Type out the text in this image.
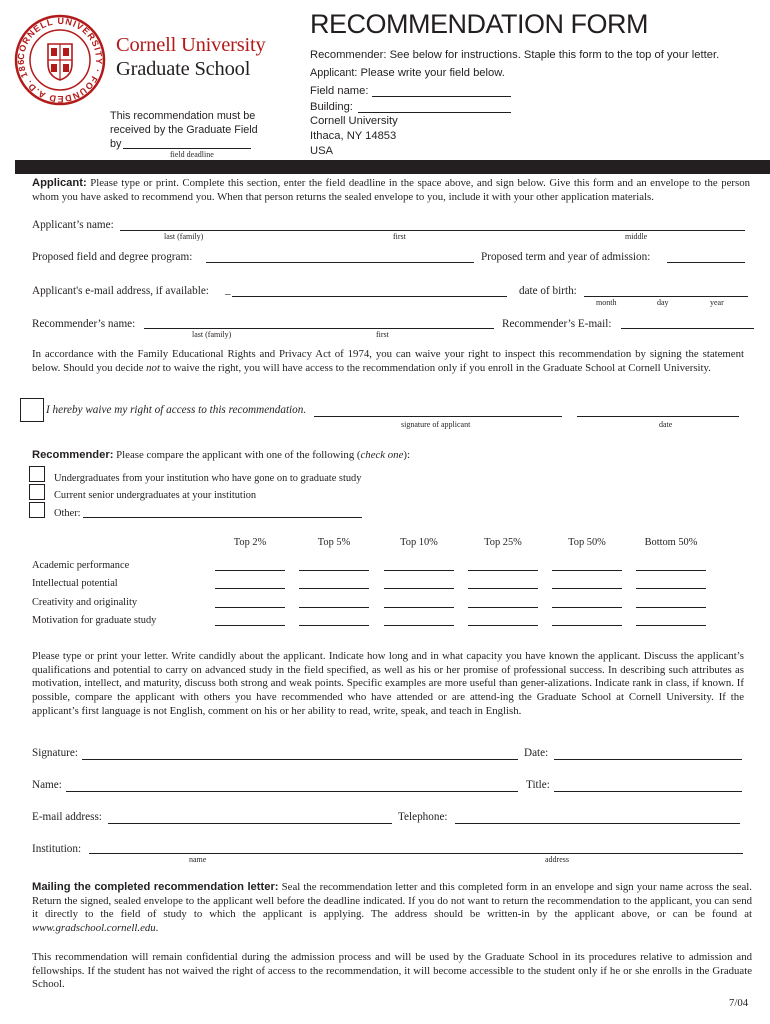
CORNELL UNIVERSITY · FOUNDED A.D. 186
Cornell University
Graduate School
RECOMMENDATION FORM
Recommender: See below for instructions. Staple this form to the top of your letter.
Applicant: Please write your field below.
Field name:
Building:
Cornell University
Ithaca, NY 14853
USA
This recommendation must be
received by the Graduate Field
by
field deadline
Applicant: Please type or print. Complete this section, enter the field deadline in the space above, and sign below. Give this form and an envelope to the person whom you have asked to recommend you. When that person returns the sealed envelope to you, include it with your other application materials.
Applicant’s name:
last (family)	first	middle
Proposed field and degree program:	Proposed term and year of admission:
Applicant's e-mail address, if available: _	date of birth:
month	day	year
Recommender’s name:
last (family)	first
Recommender’s E-mail:
In accordance with the Family Educational Rights and Privacy Act of 1974, you can waive your right to inspect this recommendation by signing the statement below. Should you decide not to waive the right, you will have access to the recommendation only if you enroll in the Graduate School at Cornell University.
I hereby waive my right of access to this recommendation.
signature of applicant	date
Recommender: Please compare the applicant with one of the following (check one):
Undergraduates from your institution who have gone on to graduate study
Current senior undergraduates at your institution
Other:
Top 2%	Top 5%	Top 10%	Top 25%	Top 50%	Bottom 50%
Academic performance
Intellectual potential
Creativity and originality
Motivation for graduate study
Please type or print your letter. Write candidly about the applicant. Indicate how long and in what capacity you have known the applicant. Discuss the applicant’s qualifications and potential to carry on advanced study in the field specified, as well as his or her promise of professional success. In describing such attributes as motivation, intellect, and maturity, discuss both strong and weak points. Specific examples are more useful than gener-alizations. Indicate rank in class, if known. If possible, compare the applicant with others you have recommended who have attended or are attend-ing the Graduate School at Cornell University. If the applicant’s first language is not English, comment on his or her ability to read, write, speak, and teach in English.
Signature:	Date:
Name:	Title:
E-mail address:	Telephone:
Institution:
name	address
Mailing the completed recommendation letter: Seal the recommendation letter and this completed form in an envelope and sign your name across the seal. Return the signed, sealed envelope to the applicant well before the deadline indicated. If you do not want to return the recommendation to the applicant, you can send it directly to the field of study to which the applicant is applying. The address should be written-in by the applicant above, or can be found at www.gradschool.cornell.edu.
This recommendation will remain confidential during the admission process and will be used by the Graduate School in its procedures relative to admission and fellowships. If the student has not waived the right of access to the recommendation, it will become accessible to the student only if he or she enrolls in the Graduate School.
7/04
